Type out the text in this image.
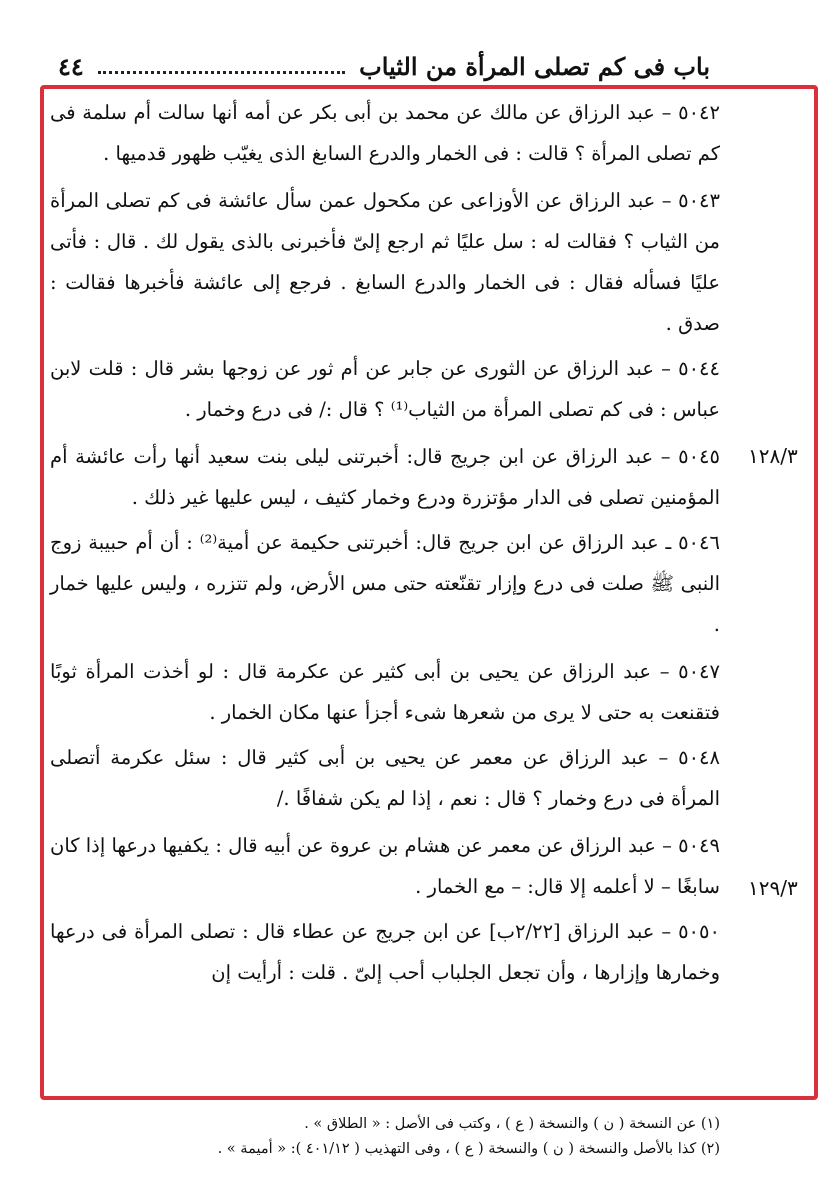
باب فى كم تصلى المرأة من الثياب
٤٤

٥٠٤٢ – عبد الرزاق عن مالك عن محمد بن أبى بكر عن أمه أنها سالت أم سلمة فى كم تصلى المرأة ؟ قالت : فى الخمار والدرع السابغ الذى يغيّب ظهور قدميها .

٥٠٤٣ – عبد الرزاق عن الأوزاعى عن مكحول عمن سأل عائشة فى كم تصلى المرأة من الثياب ؟ فقالت له : سل عليًا ثم ارجع إلىّ فأخبرنى بالذى يقول لك . قال : فأتى عليًا فسأله فقال : فى الخمار والدرع السابغ . فرجع إلى عائشة فأخبرها فقالت : صدق .

٥٠٤٤ – عبد الرزاق عن الثورى عن جابر عن أم ثور عن زوجها بشر قال : قلت لابن عباس : فى كم تصلى المرأة من الثياب⁽¹⁾ ؟ قال :/ فى درع وخمار .

٥٠٤٥ – عبد الرزاق عن ابن جريج قال: أخبرتنى ليلى بنت سعيد أنها رأت عائشة أم المؤمنين تصلى فى الدار مؤتزرة ودرع وخمار كثيف ، ليس عليها غير ذلك .

٥٠٤٦ ـ عبد الرزاق عن ابن جريج قال: أخبرتنى حكيمة عن أمية⁽²⁾ : أن أم حبيبة زوج النبى ﷺ صلت فى درع وإزار تقنّعته حتى مس الأرض، ولم تتزره ، وليس عليها خمار .

٥٠٤٧ – عبد الرزاق عن يحيى بن أبى كثير عن عكرمة قال : لو أخذت المرأة ثوبًا فتقنعت به حتى لا يرى من شعرها شىء أجزأ عنها مكان الخمار .

٥٠٤٨ – عبد الرزاق عن معمر عن يحيى بن أبى كثير قال : سئل عكرمة أتصلى المرأة فى درع وخمار ؟ قال : نعم ، إذا لم يكن شفافًا ./

٥٠٤٩ – عبد الرزاق عن معمر عن هشام بن عروة عن أبيه قال : يكفيها درعها إذا كان سابغًا – لا أعلمه إلا قال: – مع الخمار .

٥٠٥٠ – عبد الرزاق [٢/٢٢ب] عن ابن جريج عن عطاء قال : تصلى المرأة فى درعها وخمارها وإزارها ، وأن تجعل الجلباب أحب إلىّ . قلت : أرأيت إن

١٢٨/٣
١٢٩/٣
(١) عن النسخة ( ن ) والنسخة ( ع ) ، وكتب فى الأصل : « الطلاق » .
(٢) كذا بالأصل والنسخة ( ن ) والنسخة ( ع ) ، وفى التهذيب ( ٤٠١/١٢ ): « أميمة » .
